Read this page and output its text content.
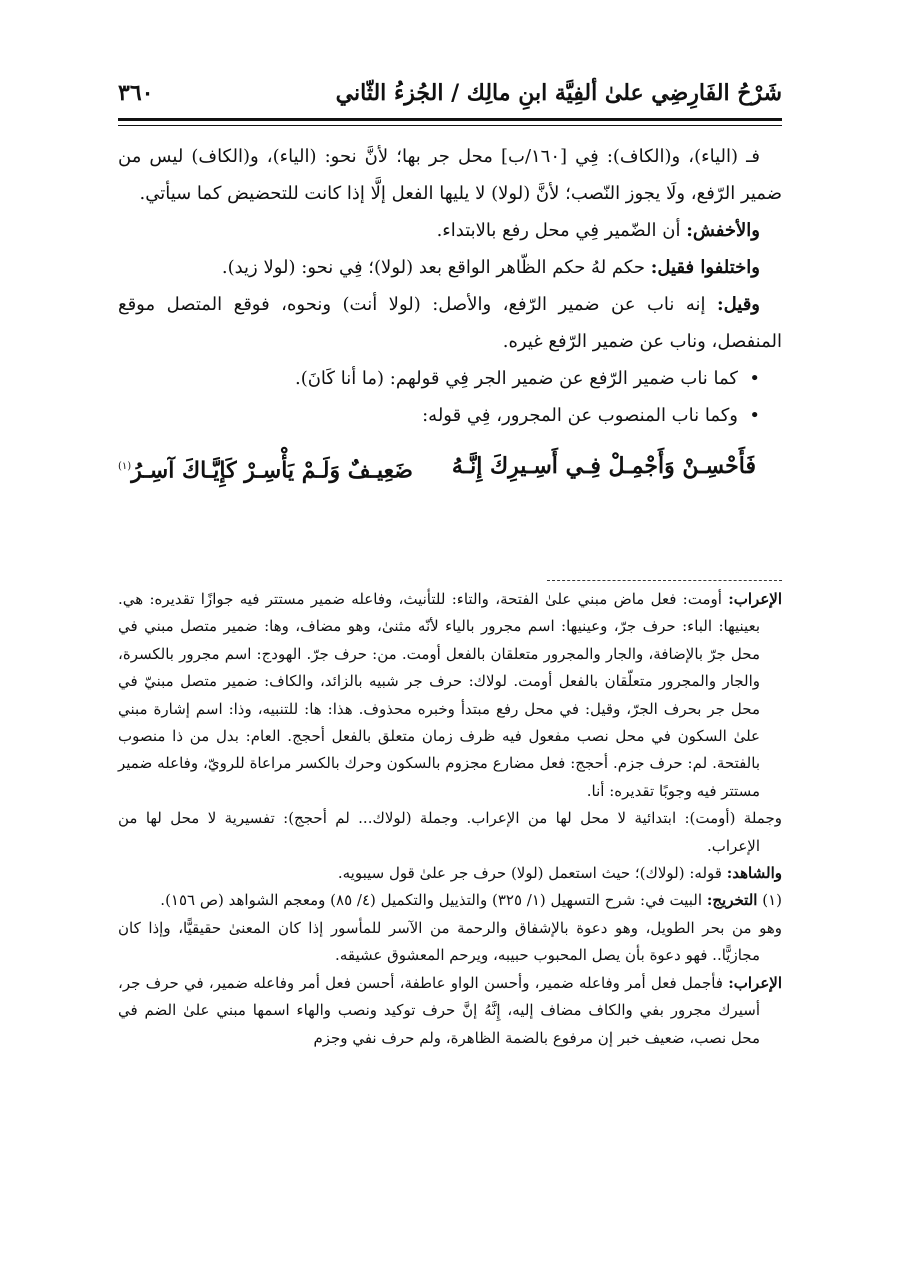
شَرْحُ الفَارِضِي علىٰ ألفِيَّة ابنِ مالِك / الجُزءُ الثّاني
٣٦٠

فـ (الياء)، و(الكاف): فِي [١٦٠/ب] محل جر بها؛ لأنَّ نحو: (الياء)، و(الكاف) ليس من ضمير الرّفع، ولَا يجوز النّصب؛ لأنَّ (لولا) لا يليها الفعل إلَّا إذا كانت للتحضيض كما سيأتي.

والأخفش: أن الضّمير فِي محل رفع بالابتداء.

واختلفوا فقيل: حكم لهُ حكم الظّاهر الواقع بعد (لولا)؛ فِي نحو: (لولا زيد).

وقيل: إنه ناب عن ضمير الرّفع، والأصل: (لولا أنت) ونحوه، فوقع المتصل موقع المنفصل، وناب عن ضمير الرّفع غيره.

• كما ناب ضمير الرّفع عن ضمير الجر فِي قولهم: (ما أنا كَانَ).

• وكما ناب المنصوب عن المجرور، فِي قوله:

فَأَحْسِـنْ وَأَجْمِـلْ فِـي أَسِـيرِكَ إِنَّـهُ
ضَعِيـفٌ وَلَـمْ يَأْسِـرْ كَإِيَّـاكَ آسِـرُ$^{(١)}$

الإعراب: أومت: فعل ماض مبني علىٰ الفتحة، والتاء: للتأنيث، وفاعله ضمير مستتر فيه جوازًا تقديره: هي. بعينيها: الباء: حرف جرّ، وعينيها: اسم مجرور بالياء لأنّه مثنىٰ، وهو مضاف، وها: ضمير متصل مبني في محل جرّ بالإضافة، والجار والمجرور متعلقان بالفعل أومت. من: حرف جرّ. الهودج: اسم مجرور بالكسرة، والجار والمجرور متعلّقان بالفعل أومت. لولاك: حرف جر شبيه بالزائد، والكاف: ضمير متصل مبنيّ في محل جر بحرف الجرّ، وقيل: في محل رفع مبتدأ وخبره محذوف. هذا: ها: للتنبيه، وذا: اسم إشارة مبني علىٰ السكون في محل نصب مفعول فيه ظرف زمان متعلق بالفعل أحجج. العام: بدل من ذا منصوب بالفتحة. لم: حرف جزم. أحجج: فعل مضارع مجزوم بالسكون وحرك بالكسر مراعاة للرويّ، وفاعله ضمير مستتر فيه وجوبًا تقديره: أنا.

وجملة (أومت): ابتدائية لا محل لها من الإعراب. وجملة (لولاك... لم أحجج): تفسيرية لا محل لها من الإعراب.

والشاهد: قوله: (لولاك)؛ حيث استعمل (لولا) حرف جر علىٰ قول سيبويه.

(١) التخريج: البيت في: شرح التسهيل (١/ ٣٢٥) والتذييل والتكميل (٤/ ٨٥) ومعجم الشواهد (ص ١٥٦).

وهو من بحر الطويل، وهو دعوة بالإشفاق والرحمة من الآسر للمأسور إذا كان المعنىٰ حقيقيًّا، وإذا كان مجازيًّا.. فهو دعوة بأن يصل المحبوب حبيبه، ويرحم المعشوق عشيقه.

الإعراب: فأجمل فعل أمر وفاعله ضمير، وأحسن الواو عاطفة، أحسن فعل أمر وفاعله ضمير، في حرف جر، أسيرك مجرور بفي والكاف مضاف إليه، إِنَّهُ إنَّ حرف توكيد ونصب والهاء اسمها مبني علىٰ الضم في محل نصب، ضعيف خبر إن مرفوع بالضمة الظاهرة، ولم حرف نفي وجزم
